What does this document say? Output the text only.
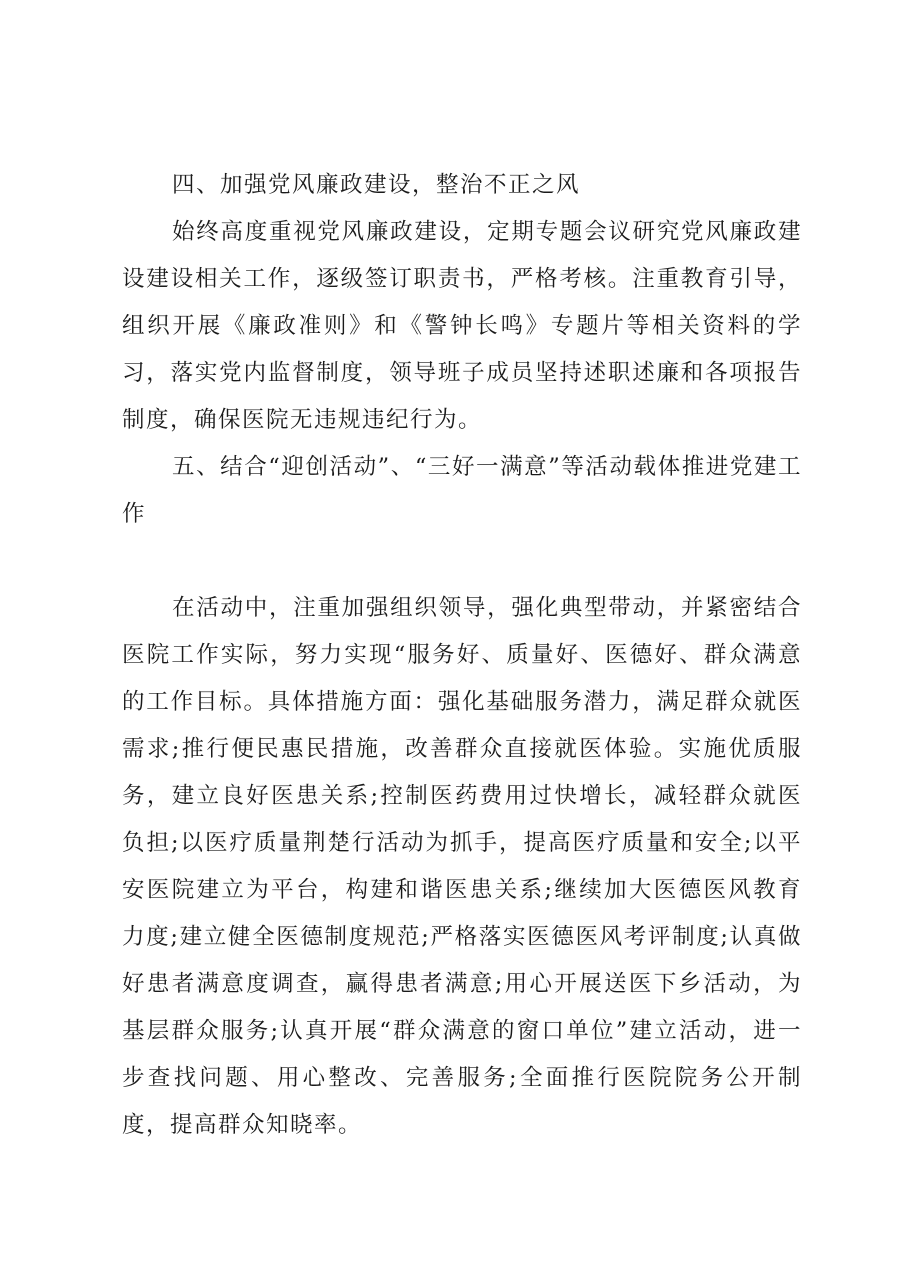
四、加强党风廉政建设，整治不正之风

始终高度重视党风廉政建设，定期专题会议研究党风廉政建设建设相关工作，逐级签订职责书，严格考核。注重教育引导，组织开展《廉政准则》和《警钟长鸣》专题片等相关资料的学习，落实党内监督制度，领导班子成员坚持述职述廉和各项报告制度，确保医院无违规违纪行为。

五、结合“迎创活动”、“三好一满意”等活动载体推进党建工作

在活动中，注重加强组织领导，强化典型带动，并紧密结合医院工作实际，努力实现“服务好、质量好、医德好、群众满意的工作目标。具体措施方面：强化基础服务潜力，满足群众就医需求;推行便民惠民措施，改善群众直接就医体验。实施优质服务，建立良好医患关系;控制医药费用过快增长，减轻群众就医负担;以医疗质量荆楚行活动为抓手，提高医疗质量和安全;以平安医院建立为平台，构建和谐医患关系;继续加大医德医风教育力度;建立健全医德制度规范;严格落实医德医风考评制度;认真做好患者满意度调查，赢得患者满意;用心开展送医下乡活动，为基层群众服务;认真开展“群众满意的窗口单位”建立活动，进一步查找问题、用心整改、完善服务;全面推行医院院务公开制度，提高群众知晓率。
